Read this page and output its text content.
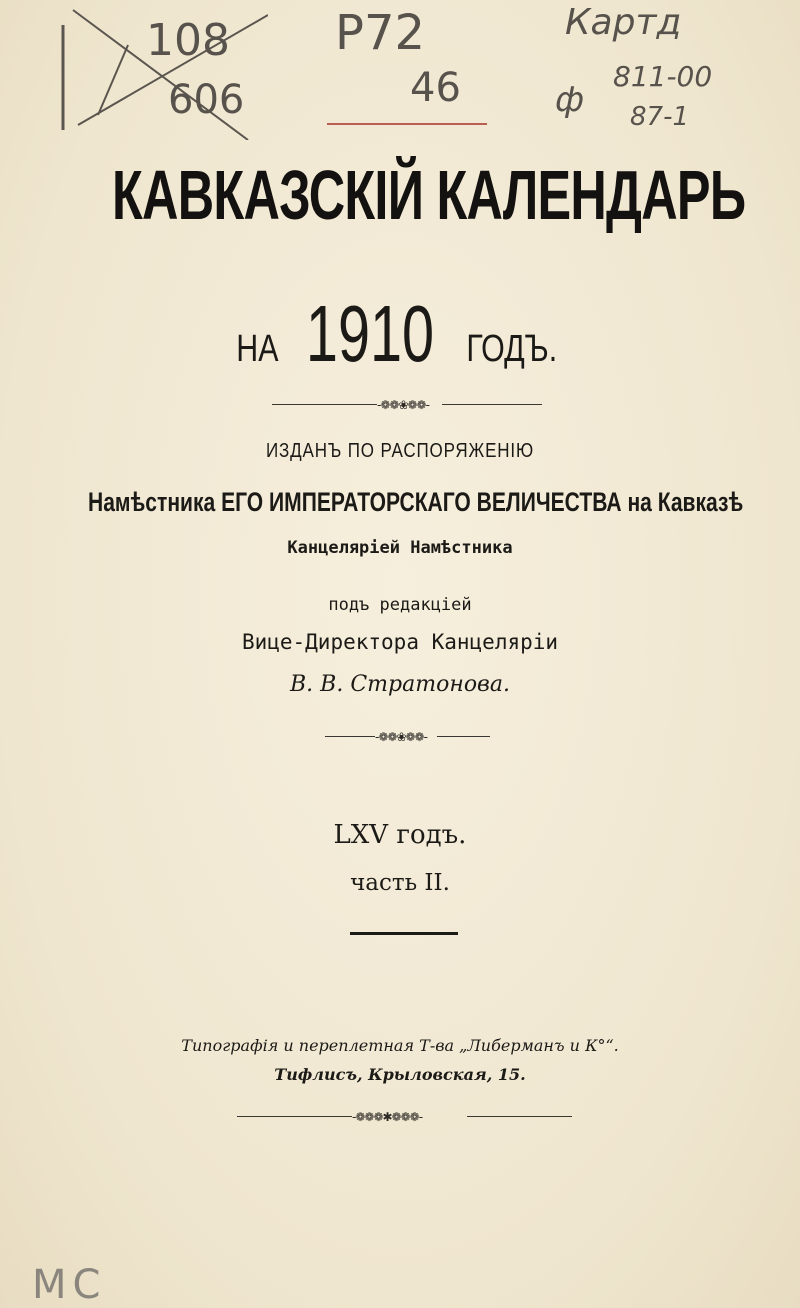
108
606
P72
46
Картд
ф
811-00
87-1
КАВКАЗСКІЙ КАЛЕНДАРЬ
НА 1910 ГОДЪ.
-❁❁❀❁❁-
ИЗДАНЪ ПО РАСПОРЯЖЕНІЮ
Намѣстника ЕГО ИМПЕРАТОРСКАГО ВЕЛИЧЕСТВА на Кавказѣ
Канцеляріей Намѣстника
подъ редакціей
Вице-Директора Канцеляріи
В. В. Стратонова.
-❁❁❀❁❁-
LXV годъ.
часть II.
Типографія и переплетная Т-ва „Либерманъ и К°“.
Тифлисъ, Крыловская, 15.
-❁❁❁✱❁❁❁-
MC
